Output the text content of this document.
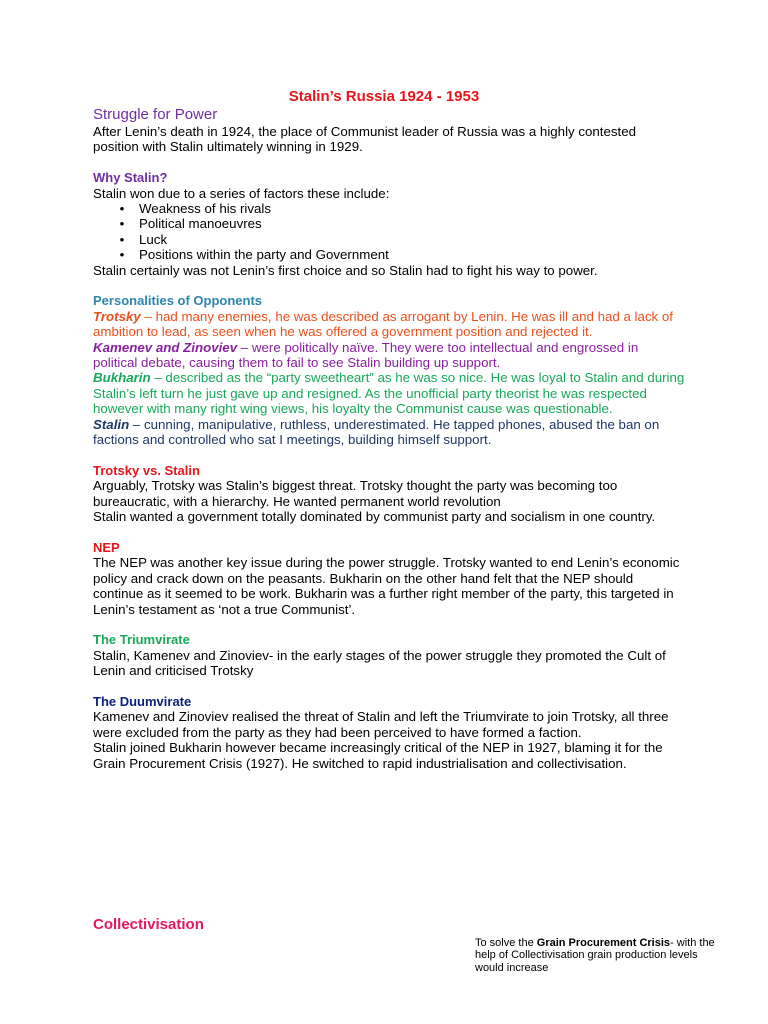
Stalin’s Russia 1924 - 1953

Struggle for Power

After Lenin’s death in 1924, the place of Communist leader of Russia was a highly contested position with Stalin ultimately winning in 1929.

Why Stalin?

Stalin won due to a series of factors these include:

• Weakness of his rivals
• Political manoeuvres
• Luck
• Positions within the party and Government

Stalin certainly was not Lenin’s first choice and so Stalin had to fight his way to power.

Personalities of Opponents

Trotsky – had many enemies, he was described as arrogant by Lenin. He was ill and had a lack of ambition to lead, as seen when he was offered a government position and rejected it.

Kamenev and Zinoviev – were politically naïve. They were too intellectual and engrossed in political debate, causing them to fail to see Stalin building up support.

Bukharin – described as the “party sweetheart” as he was so nice. He was loyal to Stalin and during Stalin’s left turn he just gave up and resigned. As the unofficial party theorist he was respected however with many right wing views, his loyalty the Communist cause was questionable.

Stalin – cunning, manipulative, ruthless, underestimated. He tapped phones, abused the ban on factions and controlled who sat I meetings, building himself support.

Trotsky vs. Stalin

Arguably, Trotsky was Stalin’s biggest threat. Trotsky thought the party was becoming too bureaucratic, with a hierarchy. He wanted permanent world revolution

Stalin wanted a government totally dominated by communist party and socialism in one country.

NEP

The NEP was another key issue during the power struggle. Trotsky wanted to end Lenin’s economic policy and crack down on the peasants. Bukharin on the other hand felt that the NEP should continue as it seemed to be work. Bukharin was a further right member of the party, this targeted in Lenin’s testament as ‘not a true Communist’.

The Triumvirate

Stalin, Kamenev and Zinoviev- in the early stages of the power struggle they promoted the Cult of Lenin and criticised Trotsky

The Duumvirate

Kamenev and Zinoviev realised the threat of Stalin and left the Triumvirate to join Trotsky, all three were excluded from the party as they had been perceived to have formed a faction.

Stalin joined Bukharin however became increasingly critical of the NEP in 1927, blaming it for the Grain Procurement Crisis (1927). He switched to rapid industrialisation and collectivisation.

Collectivisation

To solve the Grain Procurement Crisis- with the help of Collectivisation grain production levels would increase
